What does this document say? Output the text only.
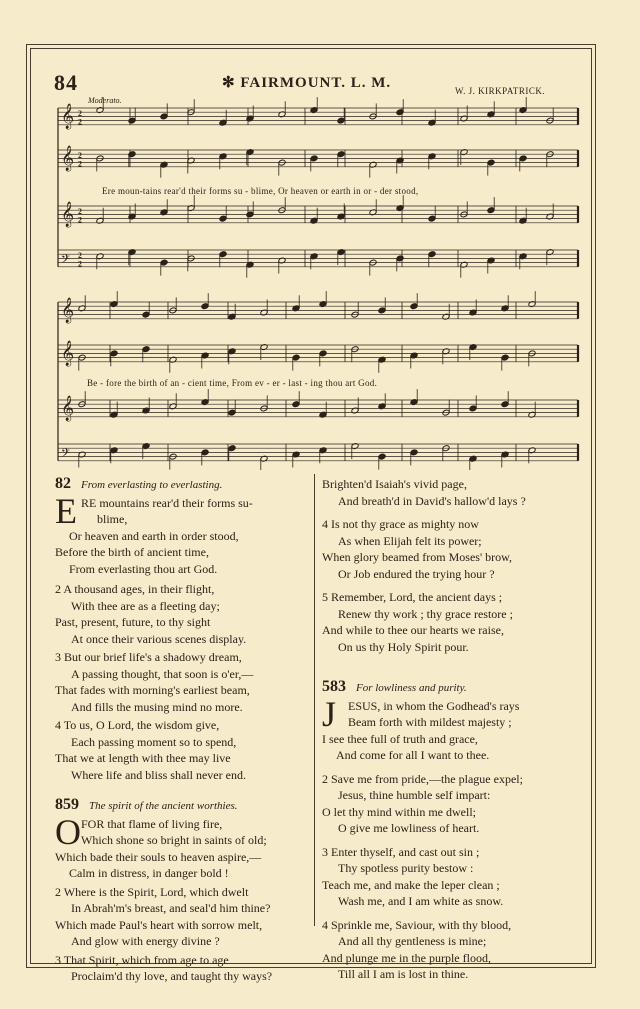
84	✻ FAIRMOUNT. L. M.	W. J. KIRKPATRICK.
Moderato.
𝄞 2
2
𝄞 2
2
𝄞 2
2
𝄢 2
2
𝄞
𝄞
𝄞
𝄢
Ere moun-tains rear'd their forms su - blime, Or heaven or earth in or - der stood,
Be - fore the birth of an - cient time, From ev - er - last - ing thou art God.
82 From everlasting to everlasting.
E RE mountains rear'd their forms su-
blime,
Or heaven and earth in order stood,
Before the birth of ancient time,
From everlasting thou art God.
2 A thousand ages, in their flight,
With thee are as a fleeting day;
Past, present, future, to thy sight
At once their various scenes display.
3 But our brief life's a shadowy dream,
A passing thought, that soon is o'er,—
That fades with morning's earliest beam,
And fills the musing mind no more.
4 To us, O Lord, the wisdom give,
Each passing moment so to spend,
That we at length with thee may live
Where life and bliss shall never end.
859 The spirit of the ancient worthies.
O FOR that flame of living fire,
Which shone so bright in saints of old;
Which bade their souls to heaven aspire,—
Calm in distress, in danger bold !
2 Where is the Spirit, Lord, which dwelt
In Abrah'm's breast, and seal'd him thine?
Which made Paul's heart with sorrow melt,
And glow with energy divine ?
3 That Spirit, which from age to age
Proclaim'd thy love, and taught thy ways?
Brighten'd Isaiah's vivid page,
And breath'd in David's hallow'd lays ?
4 Is not thy grace as mighty now
As when Elijah felt its power;
When glory beamed from Moses' brow,
Or Job endured the trying hour ?
5 Remember, Lord, the ancient days ;
Renew thy work ; thy grace restore ;
And while to thee our hearts we raise,
On us thy Holy Spirit pour.
583 For lowliness and purity.
J ESUS, in whom the Godhead's rays
Beam forth with mildest majesty ;
I see thee full of truth and grace,
And come for all I want to thee.
2 Save me from pride,—the plague expel;
Jesus, thine humble self impart:
O let thy mind within me dwell;
O give me lowliness of heart.
3 Enter thyself, and cast out sin ;
Thy spotless purity bestow :
Teach me, and make the leper clean ;
Wash me, and I am white as snow.
4 Sprinkle me, Saviour, with thy blood,
And all thy gentleness is mine;
And plunge me in the purple flood,
Till all I am is lost in thine.
